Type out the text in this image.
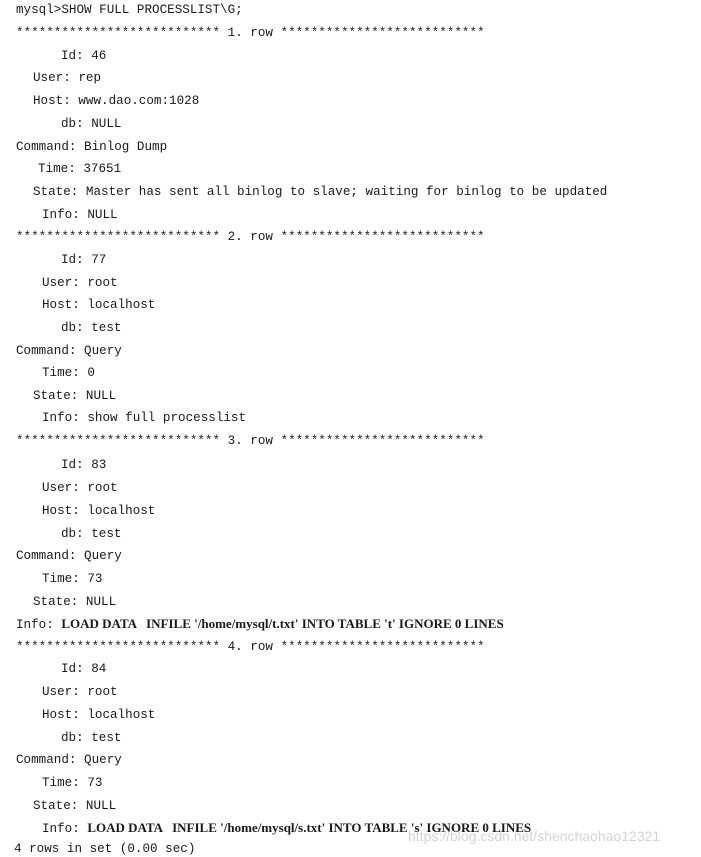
mysql>SHOW FULL PROCESSLIST\G;
*************************** 1. row ***************************
Id: 46
User: rep
Host: www.dao.com:1028
db: NULL
Command: Binlog Dump
Time: 37651
State: Master has sent all binlog to slave; waiting for binlog to be updated
Info: NULL
*************************** 2. row ***************************
Id: 77
User: root
Host: localhost
db: test
Command: Query
Time: 0
State: NULL
Info: show full processlist
*************************** 3. row ***************************
Id: 83
User: root
Host: localhost
db: test
Command: Query
Time: 73
State: NULL
Info: LOAD DATA   INFILE '/home/mysql/t.txt' INTO TABLE 't' IGNORE 0 LINES
*************************** 4. row ***************************
Id: 84
User: root
Host: localhost
db: test
Command: Query
Time: 73
State: NULL
Info: LOAD DATA   INFILE '/home/mysql/s.txt' INTO TABLE 's' IGNORE 0 LINES
4 rows in set (0.00 sec)
https://blog.csdn.net/shenchaohao12321
